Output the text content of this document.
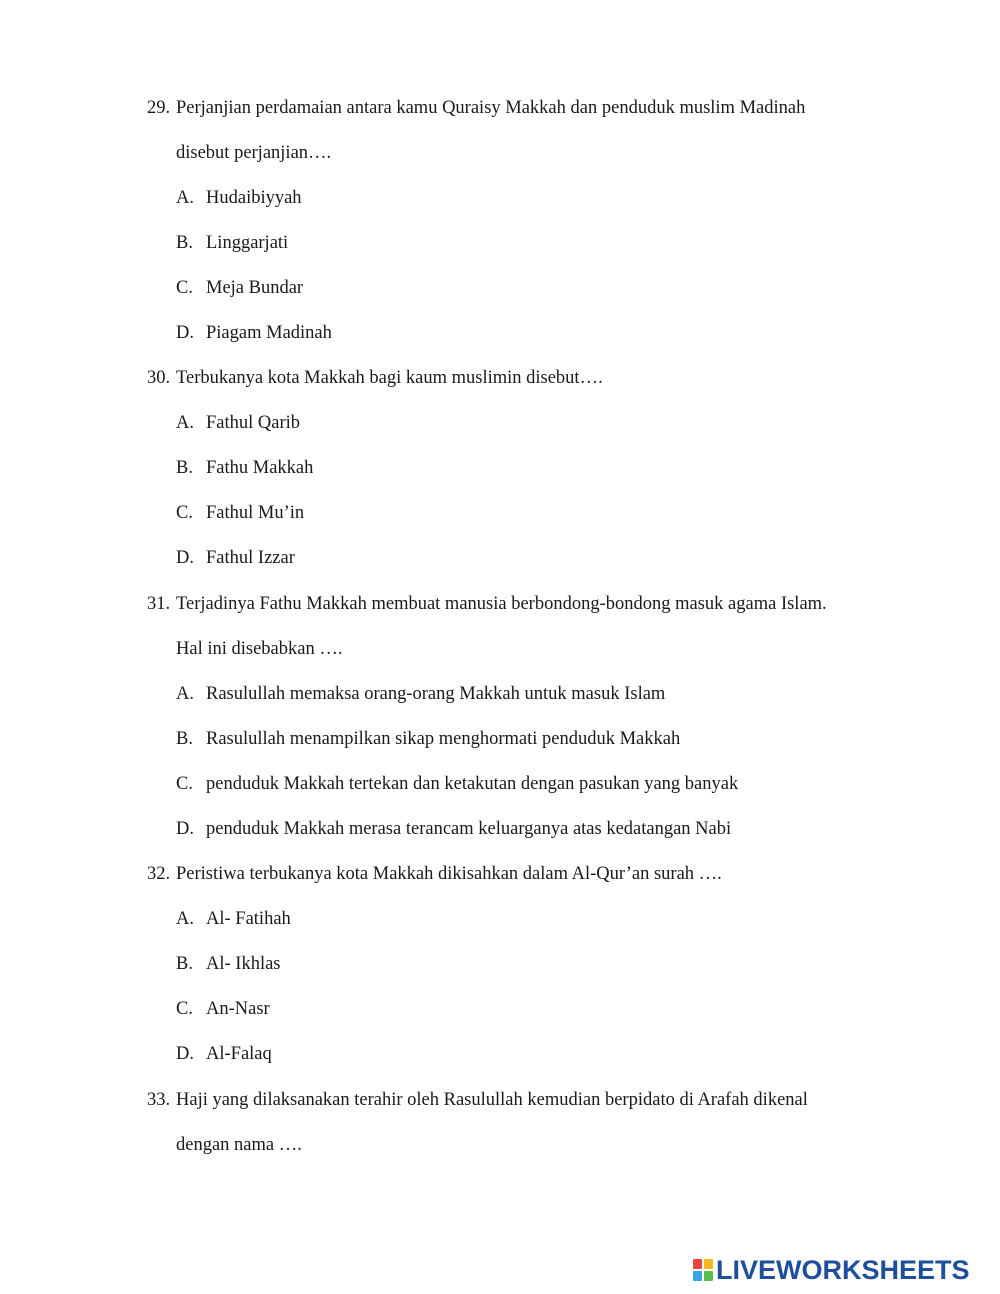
29. Perjanjian perdamaian antara kamu Quraisy Makkah dan penduduk muslim Madinah
disebut perjanjian….
A. Hudaibiyyah
B. Linggarjati
C. Meja Bundar
D. Piagam Madinah
30. Terbukanya kota Makkah bagi kaum muslimin disebut….
A. Fathul Qarib
B. Fathu Makkah
C. Fathul Mu’in
D. Fathul Izzar
31. Terjadinya Fathu Makkah membuat manusia berbondong-bondong masuk agama Islam.
Hal ini disebabkan ….
A. Rasulullah memaksa orang-orang Makkah untuk masuk Islam
B. Rasulullah menampilkan sikap menghormati penduduk Makkah
C. penduduk Makkah tertekan dan ketakutan dengan pasukan yang banyak
D. penduduk Makkah merasa terancam keluarganya atas kedatangan Nabi
32. Peristiwa terbukanya kota Makkah dikisahkan dalam Al-Qur’an surah ….
A. Al- Fatihah
B. Al- Ikhlas
C. An-Nasr
D. Al-Falaq
33. Haji yang dilaksanakan terahir oleh Rasulullah kemudian berpidato di Arafah dikenal
dengan nama ….
LIVEWORKSHEETS
